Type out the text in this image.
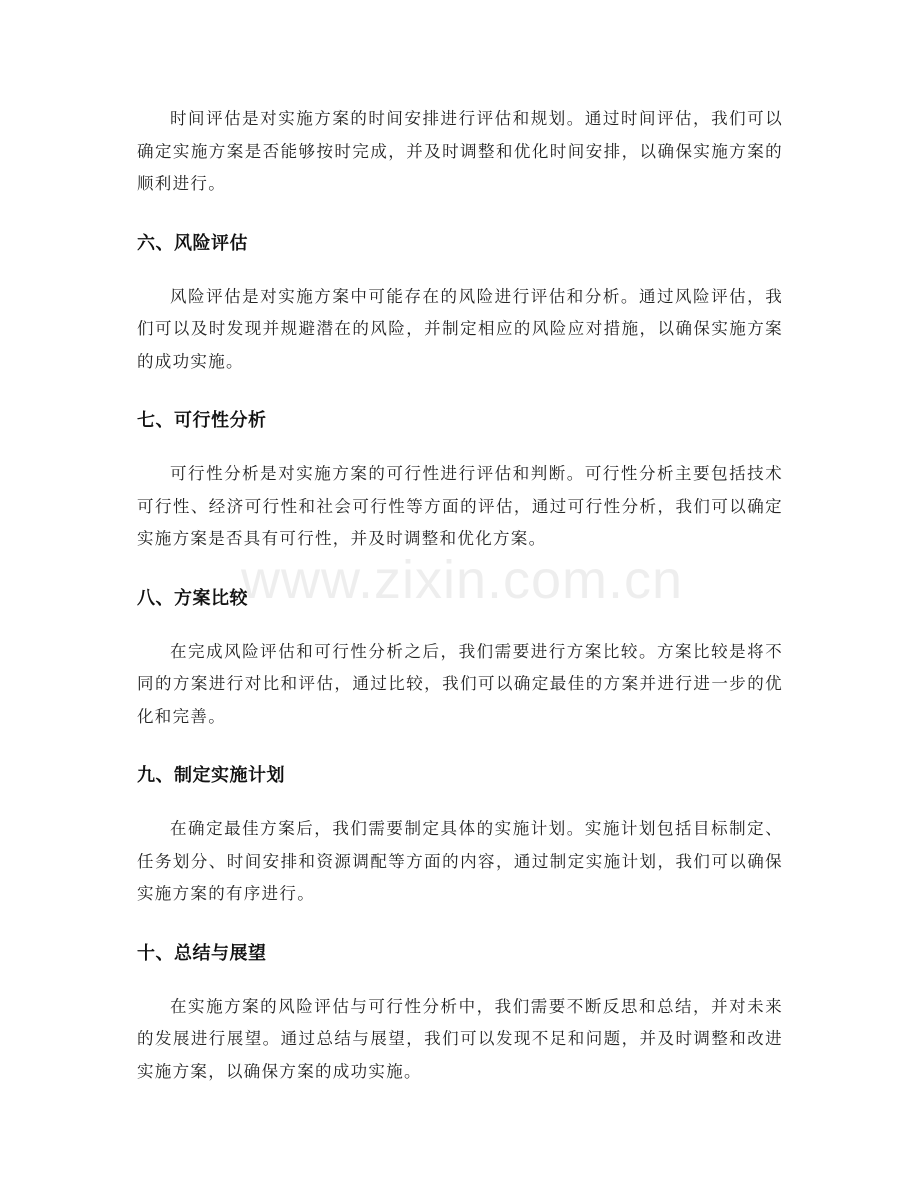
时间评估是对实施方案的时间安排进行评估和规划。通过时间评估，我们可以确定实施方案是否能够按时完成，并及时调整和优化时间安排，以确保实施方案的顺利进行。

六、风险评估

风险评估是对实施方案中可能存在的风险进行评估和分析。通过风险评估，我们可以及时发现并规避潜在的风险，并制定相应的风险应对措施，以确保实施方案的成功实施。

七、可行性分析

可行性分析是对实施方案的可行性进行评估和判断。可行性分析主要包括技术可行性、经济可行性和社会可行性等方面的评估，通过可行性分析，我们可以确定实施方案是否具有可行性，并及时调整和优化方案。

八、方案比较

在完成风险评估和可行性分析之后，我们需要进行方案比较。方案比较是将不同的方案进行对比和评估，通过比较，我们可以确定最佳的方案并进行进一步的优化和完善。

九、制定实施计划

在确定最佳方案后，我们需要制定具体的实施计划。实施计划包括目标制定、任务划分、时间安排和资源调配等方面的内容，通过制定实施计划，我们可以确保实施方案的有序进行。

十、总结与展望

在实施方案的风险评估与可行性分析中，我们需要不断反思和总结，并对未来的发展进行展望。通过总结与展望，我们可以发现不足和问题，并及时调整和改进实施方案，以确保方案的成功实施。

www.zixin.com.cn
